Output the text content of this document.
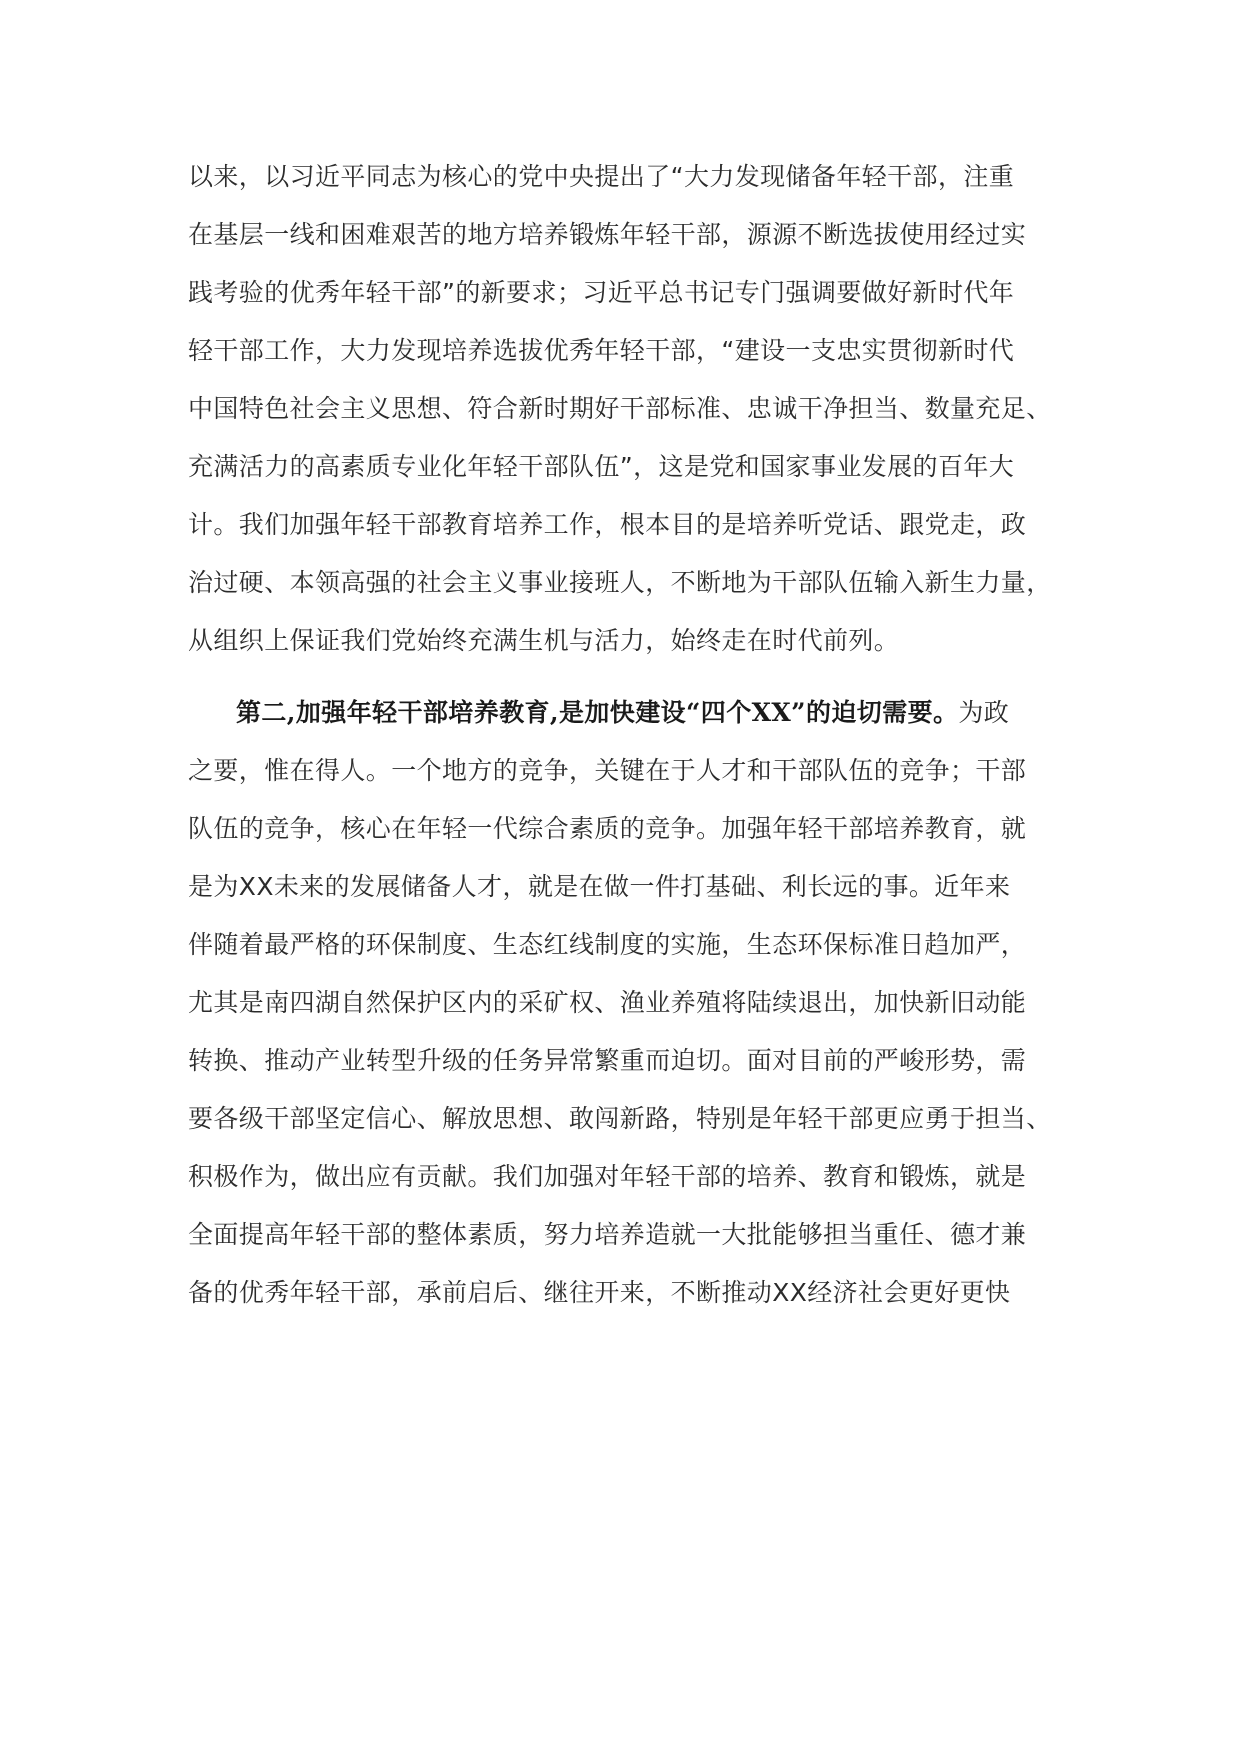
以来，以习近平同志为核心的党中央提出了“大力发现储备年轻干部，注重
在基层一线和困难艰苦的地方培养锻炼年轻干部，源源不断选拔使用经过实
践考验的优秀年轻干部”的新要求；习近平总书记专门强调要做好新时代年
轻干部工作，大力发现培养选拔优秀年轻干部，“建设一支忠实贯彻新时代
中国特色社会主义思想、符合新时期好干部标准、忠诚干净担当、数量充足、
充满活力的高素质专业化年轻干部队伍”，这是党和国家事业发展的百年大
计。我们加强年轻干部教育培养工作，根本目的是培养听党话、跟党走，政
治过硬、本领高强的社会主义事业接班人，不断地为干部队伍输入新生力量，
从组织上保证我们党始终充满生机与活力，始终走在时代前列。
第二,加强年轻干部培养教育,是加快建设“四个XX”的迫切需要。为政
之要，惟在得人。一个地方的竞争，关键在于人才和干部队伍的竞争；干部
队伍的竞争，核心在年轻一代综合素质的竞争。加强年轻干部培养教育，就
是为XX未来的发展储备人才，就是在做一件打基础、利长远的事。近年来
伴随着最严格的环保制度、生态红线制度的实施，生态环保标准日趋加严，
尤其是南四湖自然保护区内的采矿权、渔业养殖将陆续退出，加快新旧动能
转换、推动产业转型升级的任务异常繁重而迫切。面对目前的严峻形势，需
要各级干部坚定信心、解放思想、敢闯新路，特别是年轻干部更应勇于担当、
积极作为，做出应有贡献。我们加强对年轻干部的培养、教育和锻炼，就是
全面提高年轻干部的整体素质，努力培养造就一大批能够担当重任、德才兼
备的优秀年轻干部，承前启后、继往开来，不断推动XX经济社会更好更快
